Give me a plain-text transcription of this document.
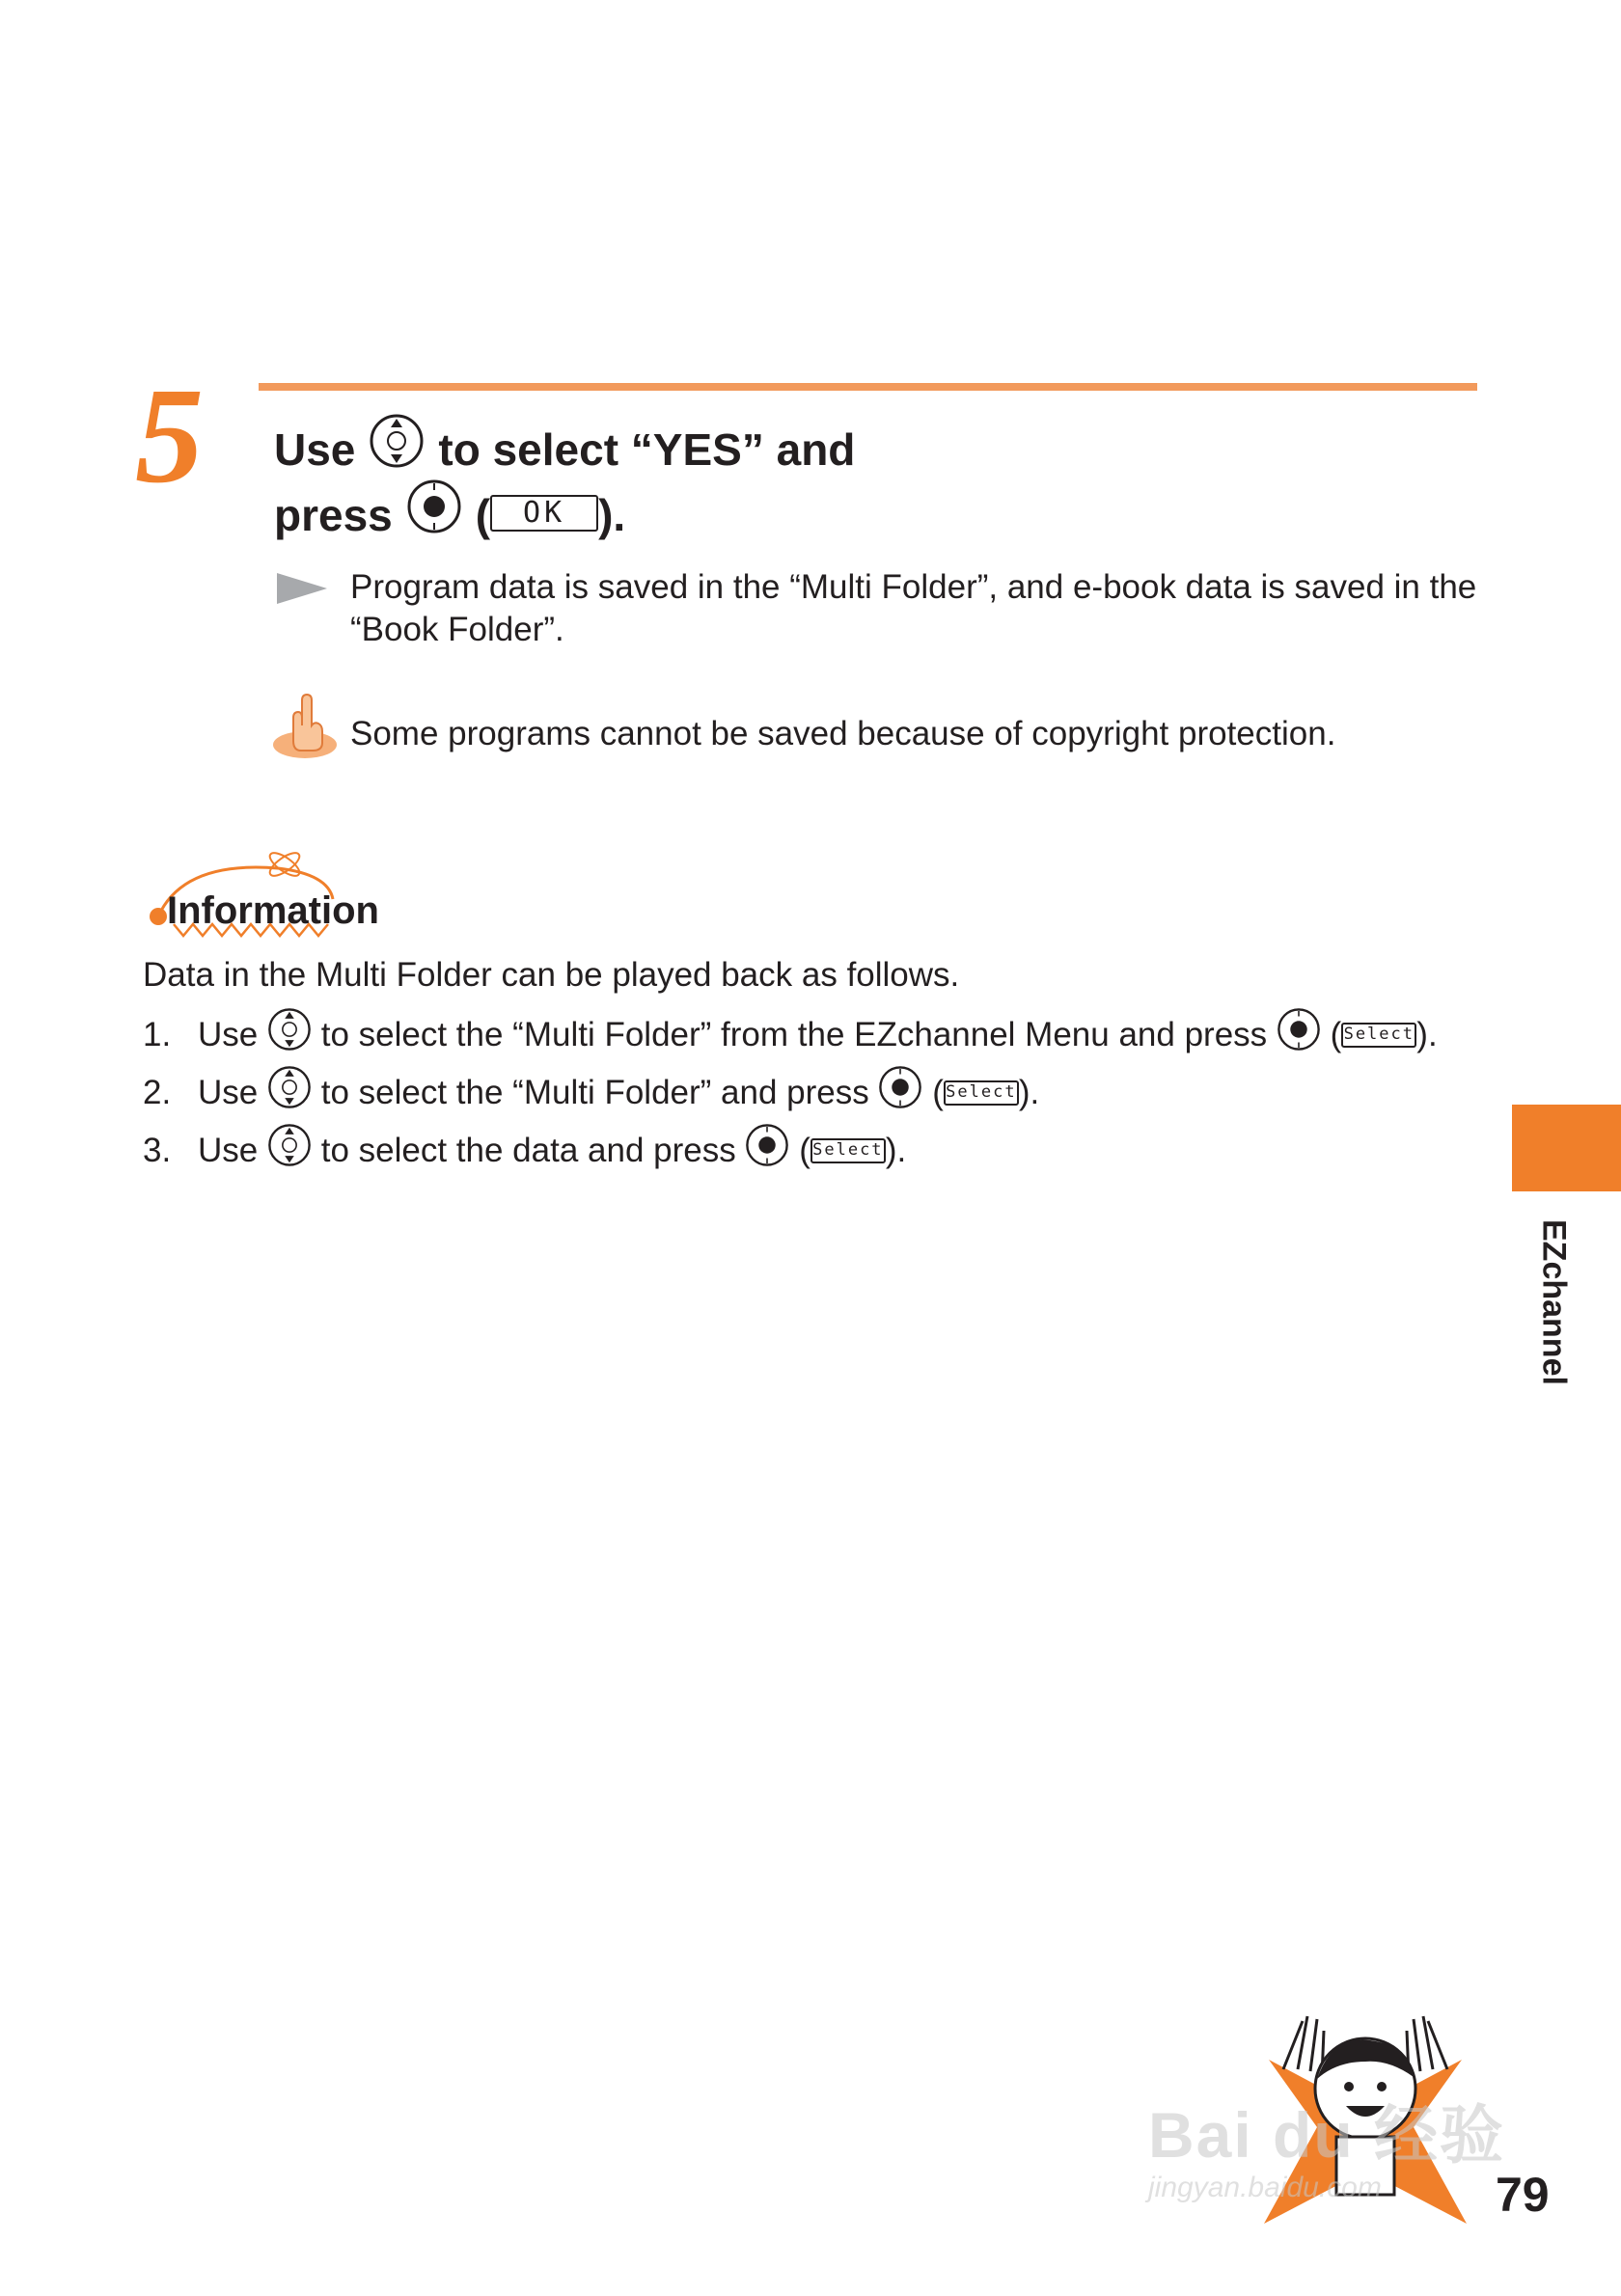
5 Use to select “YES” and
press (	OK ).
Program data is saved in the “Multi Folder”, and e-book data is saved in the
“Book Folder”.
Some programs cannot be saved because of copyright protection.
Information
Data in the Multi Folder can be played back as follows.
1. Use

to select the “Multi Folder” from the EZchannel Menu and press

( Select ).
2. Use

to select the “Multi Folder” and press

( Select ).
3. Use

to select the data and press

( Select ).
EZchannel
Bai du 经验
jingyan.baidu.com	79
